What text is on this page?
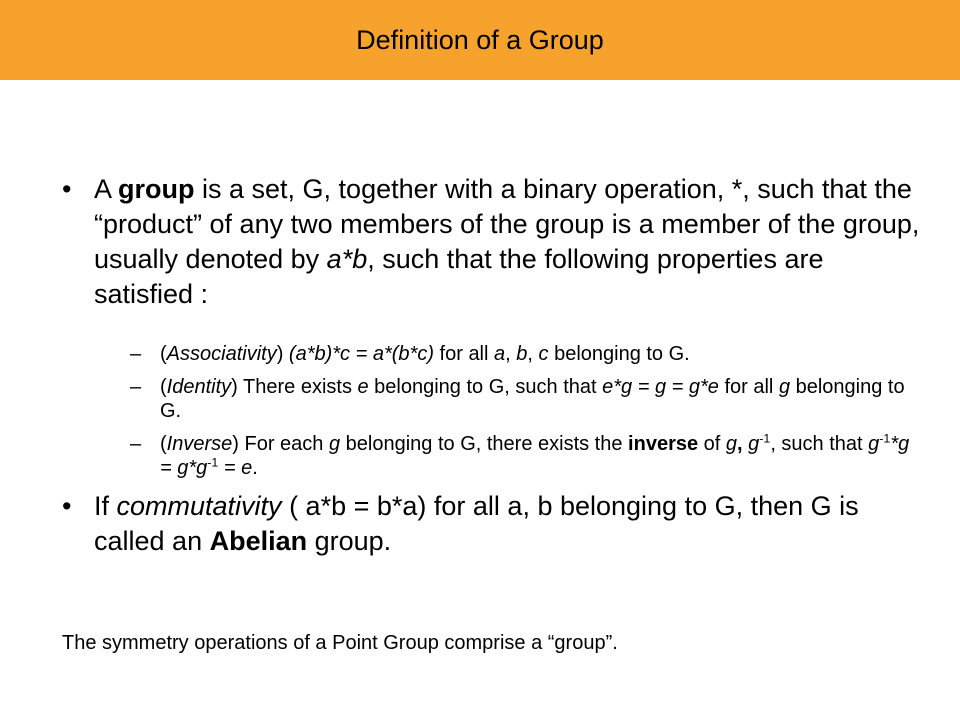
Definition of a Group
• A group is a set, G, together with a binary operation, *, such that the “product” of any two members of the group is a member of the group, usually denoted by a*b, such that the following properties are satisfied :
– (Associativity) (a*b)*c = a*(b*c) for all a, b, c belonging to G.
– (Identity) There exists e belonging to G, such that e*g = g = g*e for all g belonging to G.
– (Inverse) For each g belonging to G, there exists the inverse of g, $g^{-1}$, such that $g^{-1}*g = g*g^{-1} = e$.
• If commutativity ( a*b = b*a) for all a, b belonging to G, then G is called an Abelian group.
The symmetry operations of a Point Group comprise a “group”.
